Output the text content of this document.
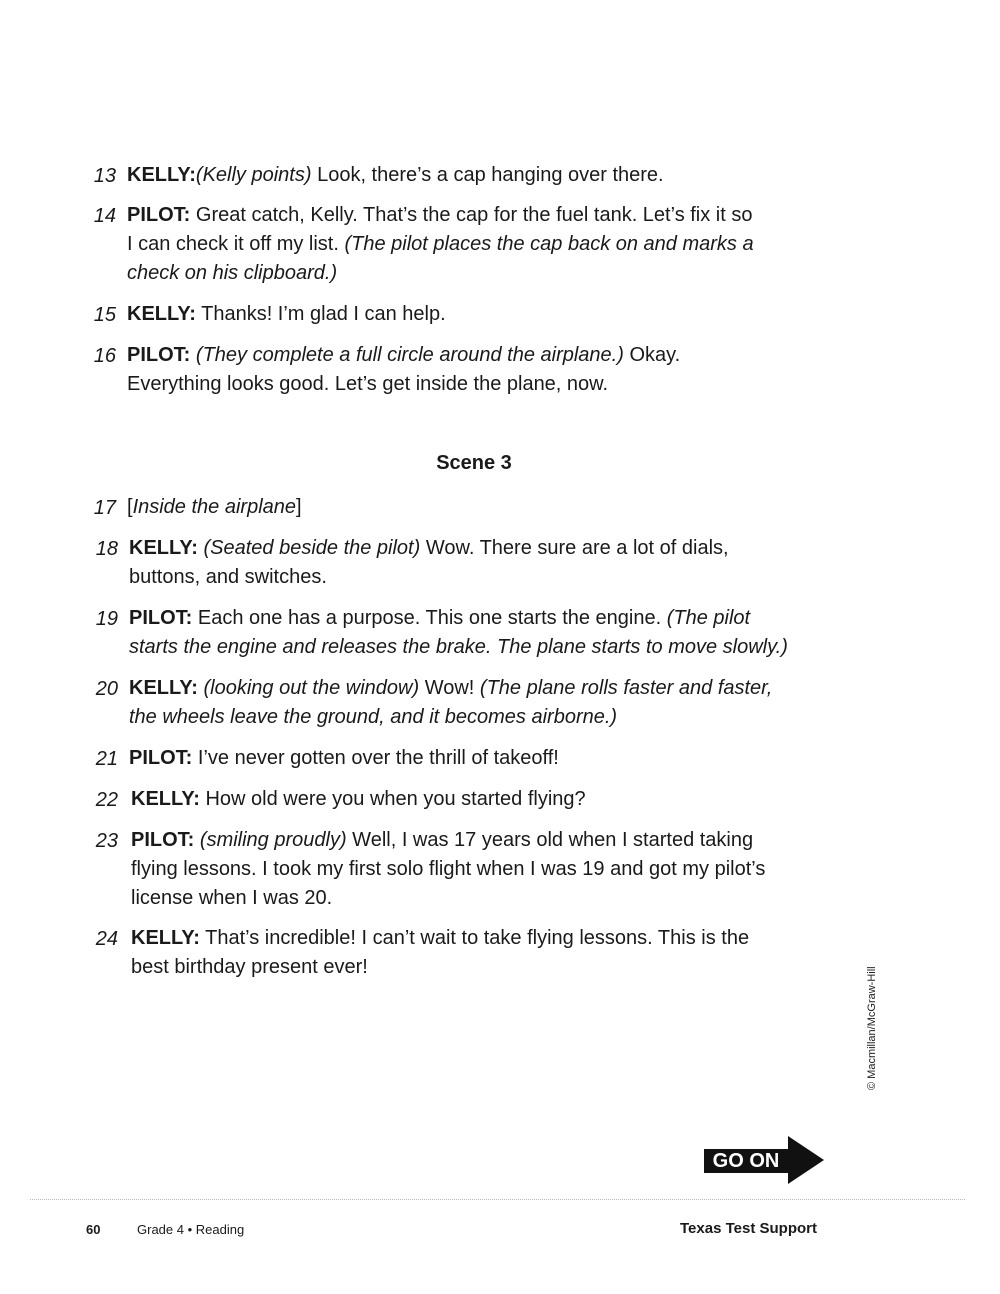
13 KELLY:(Kelly points) Look, there’s a cap hanging over there.

14 PILOT: Great catch, Kelly. That’s the cap for the fuel tank. Let’s fix it so

I can check it off my list. (The pilot places the cap back on and marks a

check on his clipboard.)

15 KELLY: Thanks! I’m glad I can help.

16 PILOT: (They complete a full circle around the airplane.) Okay.

Everything looks good. Let’s get inside the plane, now.

17 [Inside the airplane]

18 KELLY: (Seated beside the pilot) Wow. There sure are a lot of dials,

buttons, and switches.

19 PILOT: Each one has a purpose. This one starts the engine. (The pilot

starts the engine and releases the brake. The plane starts to move slowly.)

20 KELLY: (looking out the window) Wow! (The plane rolls faster and faster,

the wheels leave the ground, and it becomes airborne.)

21 PILOT: I’ve never gotten over the thrill of takeoff!

22 KELLY: How old were you when you started flying?

23 PILOT: (smiling proudly) Well, I was 17 years old when I started taking

flying lessons. I took my first solo flight when I was 19 and got my pilot’s

license when I was 20.

24 KELLY: That’s incredible! I can’t wait to take flying lessons. This is the

best birthday present ever!

Scene 3
© Macmillan/McGraw-Hill
GO ON
60	Grade 4 • Reading	Texas Test Support
